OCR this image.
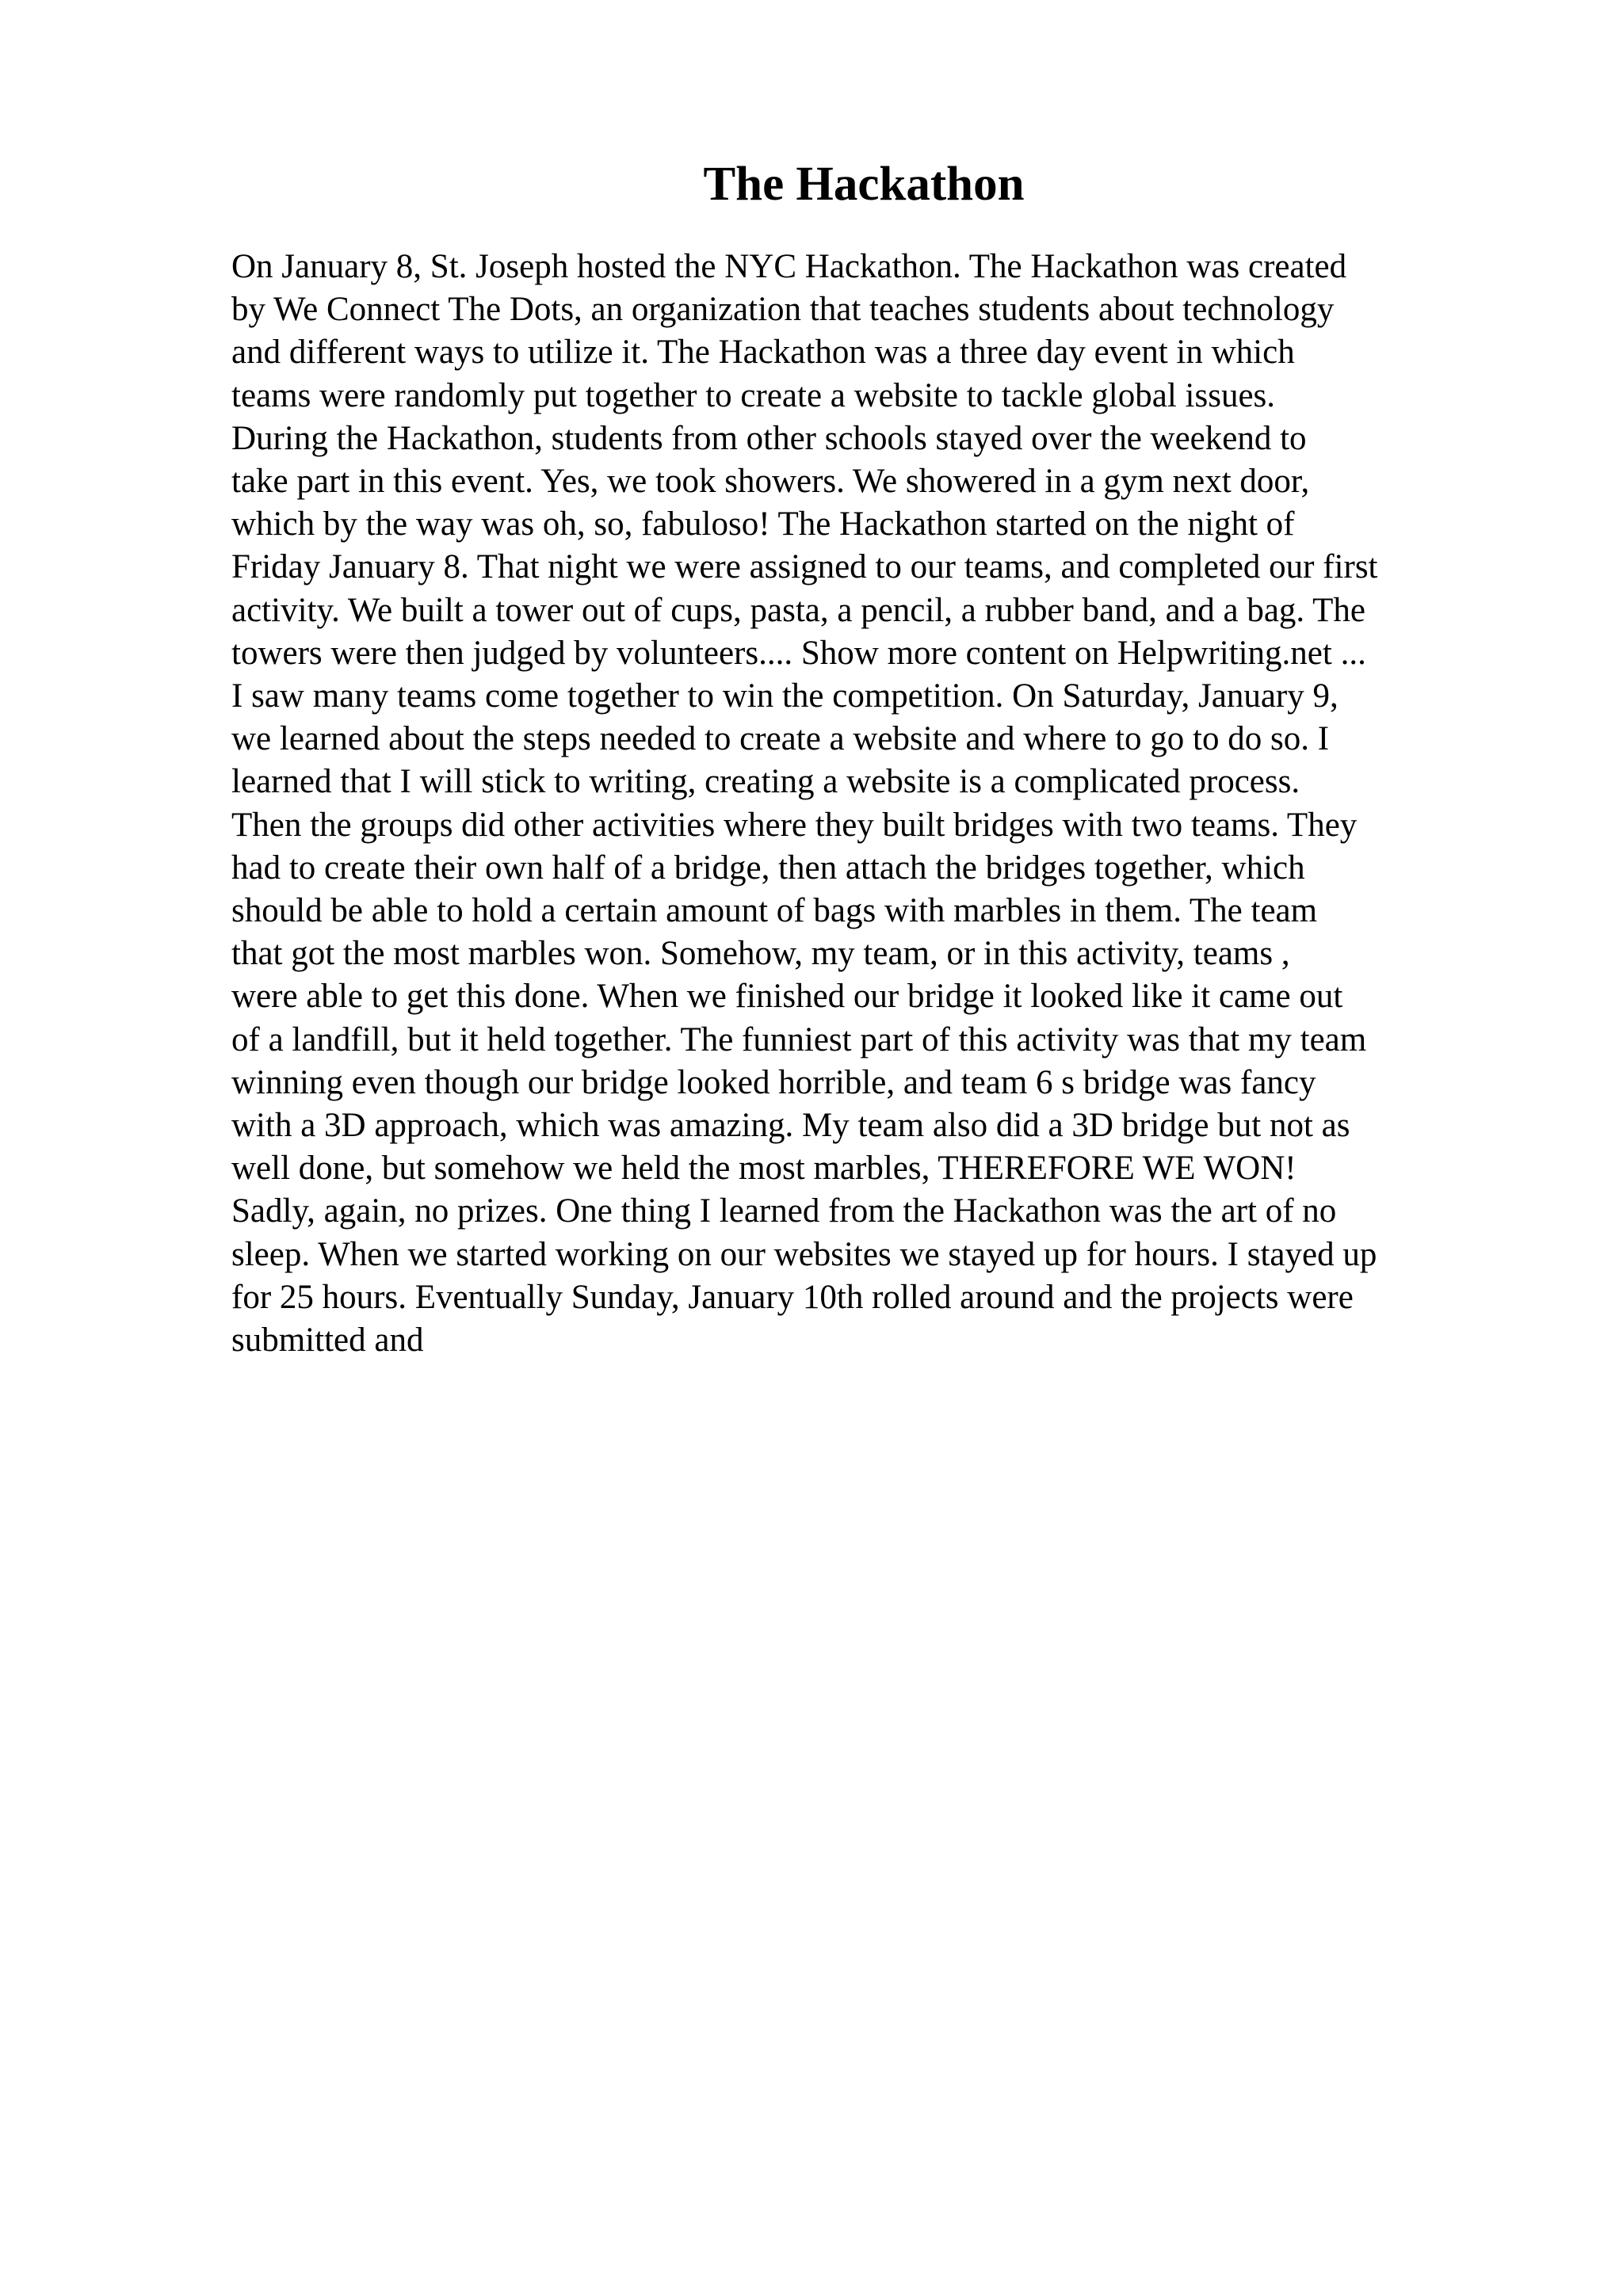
The Hackathon
On January 8, St. Joseph hosted the NYC Hackathon. The Hackathon was created
by We Connect The Dots, an organization that teaches students about technology
and different ways to utilize it. The Hackathon was a three day event in which
teams were randomly put together to create a website to tackle global issues.
During the Hackathon, students from other schools stayed over the weekend to
take part in this event. Yes, we took showers. We showered in a gym next door,
which by the way was oh, so, fabuloso! The Hackathon started on the night of
Friday January 8. That night we were assigned to our teams, and completed our first
activity. We built a tower out of cups, pasta, a pencil, a rubber band, and a bag. The
towers were then judged by volunteers.... Show more content on Helpwriting.net ...
I saw many teams come together to win the competition. On Saturday, January 9,
we learned about the steps needed to create a website and where to go to do so. I
learned that I will stick to writing, creating a website is a complicated process.
Then the groups did other activities where they built bridges with two teams. They
had to create their own half of a bridge, then attach the bridges together, which
should be able to hold a certain amount of bags with marbles in them. The team
that got the most marbles won. Somehow, my team, or in this activity, teams ,
were able to get this done. When we finished our bridge it looked like it came out
of a landfill, but it held together. The funniest part of this activity was that my team
winning even though our bridge looked horrible, and team 6 s bridge was fancy
with a 3D approach, which was amazing. My team also did a 3D bridge but not as
well done, but somehow we held the most marbles, THEREFORE WE WON!
Sadly, again, no prizes. One thing I learned from the Hackathon was the art of no
sleep. When we started working on our websites we stayed up for hours. I stayed up
for 25 hours. Eventually Sunday, January 10th rolled around and the projects were
submitted and
